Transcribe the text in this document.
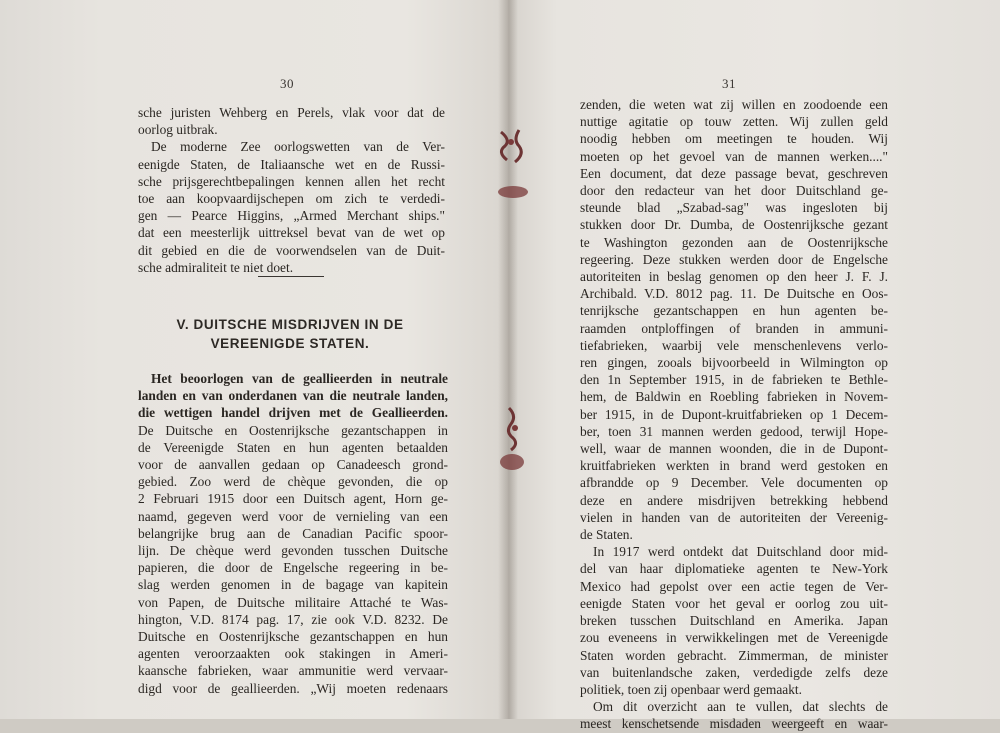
30
sche juristen Wehberg en Perels, vlak voor dat de
oorlog uitbrak.
De moderne Zee oorlogswetten van de Ver-
eenigde Staten, de Italiaansche wet en de Russi-
sche prijsgerechtbepalingen kennen allen het recht
toe aan koopvaardijschepen om zich te verdedi-
gen — Pearce Higgins, „Armed Merchant ships."
dat een meesterlijk uittreksel bevat van de wet op
dit gebied en die de voorwendselen van de Duit-
sche admiraliteit te niet doet.
V. DUITSCHE MISDRIJVEN IN DE
VEREENIGDE STATEN.
Het beoorlogen van de geallieerden in neutrale
landen en van onderdanen van die neutrale landen,
die wettigen handel drijven met de Geallieerden.
De Duitsche en Oostenrijksche gezantschappen in
de Vereenigde Staten en hun agenten betaalden
voor de aanvallen gedaan op Canadeesch grond-
gebied. Zoo werd de chèque gevonden, die op
2 Februari 1915 door een Duitsch agent, Horn ge-
naamd, gegeven werd voor de vernieling van een
belangrijke brug aan de Canadian Pacific spoor-
lijn. De chèque werd gevonden tusschen Duitsche
papieren, die door de Engelsche regeering in be-
slag werden genomen in de bagage van kapitein
von Papen, de Duitsche militaire Attaché te Was-
hington, V.D. 8174 pag. 17, zie ook V.D. 8232. De
Duitsche en Oostenrijksche gezantschappen en hun
agenten veroorzaakten ook stakingen in Ameri-
kaansche fabrieken, waar ammunitie werd vervaar-
digd voor de geallieerden. „Wij moeten redenaars
31
zenden, die weten wat zij willen en zoodoende een
nuttige agitatie op touw zetten. Wij zullen geld
noodig hebben om meetingen te houden. Wij
moeten op het gevoel van de mannen werken...."
Een document, dat deze passage bevat, geschreven
door den redacteur van het door Duitschland ge-
steunde blad „Szabad-sag" was ingesloten bij
stukken door Dr. Dumba, de Oostenrijksche gezant
te Washington gezonden aan de Oostenrijksche
regeering. Deze stukken werden door de Engelsche
autoriteiten in beslag genomen op den heer J. F. J.
Archibald. V.D. 8012 pag. 11. De Duitsche en Oos-
tenrijksche gezantschappen en hun agenten be-
raamden ontploffingen of branden in ammuni-
tiefabrieken, waarbij vele menschenlevens verlo-
ren gingen, zooals bijvoorbeeld in Wilmington op
den 1n September 1915, in de fabrieken te Bethle-
hem, de Baldwin en Roebling fabrieken in Novem-
ber 1915, in de Dupont-kruitfabrieken op 1 Decem-
ber, toen 31 mannen werden gedood, terwijl Hope-
well, waar de mannen woonden, die in de Dupont-
kruitfabrieken werkten in brand werd gestoken en
afbrandde op 9 December. Vele documenten op
deze en andere misdrijven betrekking hebbend
vielen in handen van de autoriteiten der Vereenig-
de Staten.
In 1917 werd ontdekt dat Duitschland door mid-
del van haar diplomatieke agenten te New-York
Mexico had gepolst over een actie tegen de Ver-
eenigde Staten voor het geval er oorlog zou uit-
breken tusschen Duitschland en Amerika. Japan
zou eveneens in verwikkelingen met de Vereenigde
Staten worden gebracht. Zimmerman, de minister
van buitenlandsche zaken, verdedigde zelfs deze
politiek, toen zij openbaar werd gemaakt.
Om dit overzicht aan te vullen, dat slechts de
meest kenschetsende misdaden weergeeft en waar-
